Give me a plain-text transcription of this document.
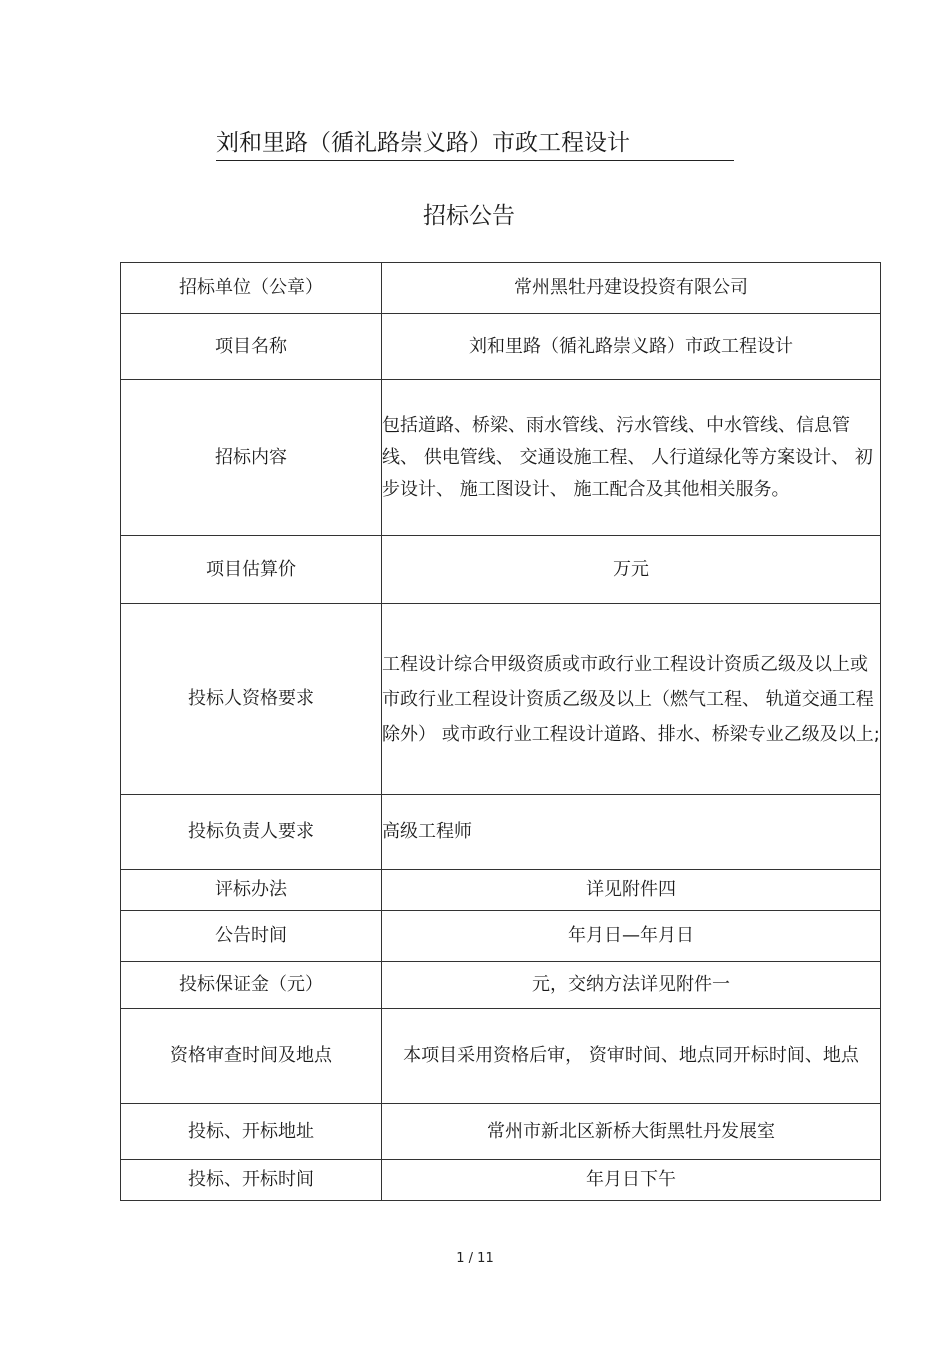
刘和里路（循礼路崇义路）市政工程设计
招标公告
招标单位（公章）	常州黑牡丹建设投资有限公司
项目名称	刘和里路（循礼路崇义路）市政工程设计
招标内容	包括道路、桥梁、雨水管线、污水管线、中水管线、信息管线、 供电管线、 交通设施工程、 人行道绿化等方案设计、 初步设计、 施工图设计、 施工配合及其他相关服务。
项目估算价	万元
投标人资格要求	工程设计综合甲级资质或市政行业工程设计资质乙级及以上或市政行业工程设计资质乙级及以上（燃气工程、 轨道交通工程除外） 或市政行业工程设计道路、排水、桥梁专业乙级及以上;
投标负责人要求	高级工程师
评标办法	详见附件四
公告时间	年月日—年月日
投标保证金（元）	元，交纳方法详见附件一
资格审查时间及地点	本项目采用资格后审， 资审时间、地点同开标时间、地点
投标、开标地址	常州市新北区新桥大街黑牡丹发展室
投标、开标时间	年月日下午
1 / 11
